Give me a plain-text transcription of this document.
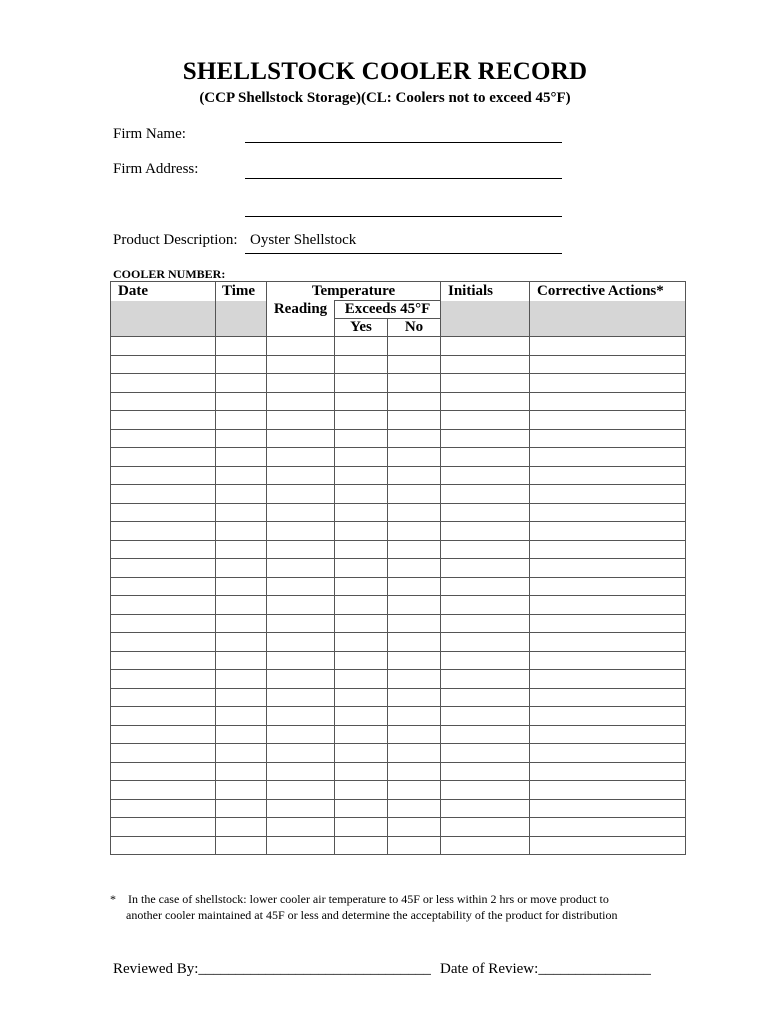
SHELLSTOCK COOLER RECORD
(CCP Shellstock Storage)(CL: Coolers not to exceed 45°F)
Firm Name:
Firm Address:
Product Description: Oyster Shellstock
COOLER NUMBER:
Date	Time	Temperature			Initials	Corrective Actions*
		Reading	Exceeds 45°F			
			Yes	No		

* In the case of shellstock: lower cooler air temperature to 45F or less within 2 hrs or move product to
another cooler maintained at 45F or less and determine the acceptability of the product for distribution
Reviewed By:_______________________________ Date of Review:_______________
